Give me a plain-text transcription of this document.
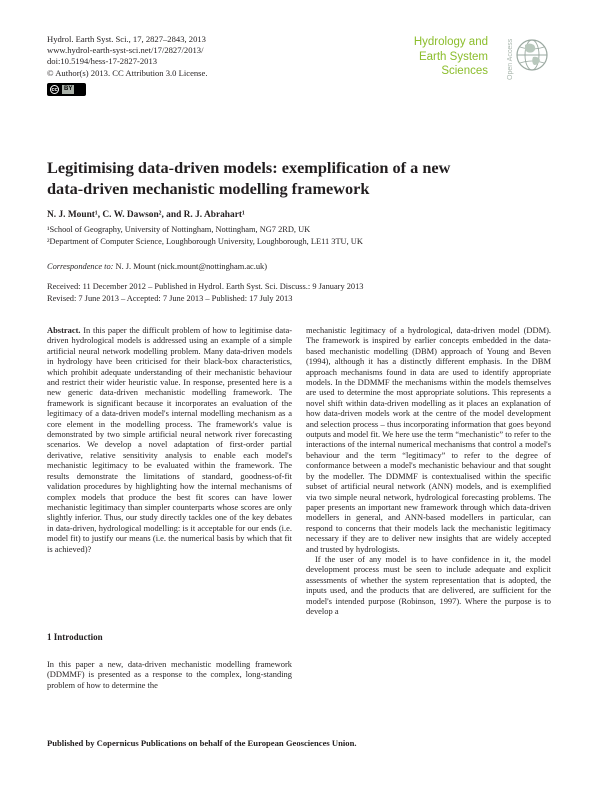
Hydrol. Earth Syst. Sci., 17, 2827–2843, 2013
www.hydrol-earth-syst-sci.net/17/2827/2013/
doi:10.5194/hess-17-2827-2013
© Author(s) 2013. CC Attribution 3.0 License.
cc	BY
Hydrology and
Earth System
Sciences	Open Access
Legitimising data-driven models: exemplification of a new
data-driven mechanistic modelling framework
N. J. Mount¹, C. W. Dawson², and R. J. Abrahart¹
¹School of Geography, University of Nottingham, Nottingham, NG7 2RD, UK
²Department of Computer Science, Loughborough University, Loughborough, LE11 3TU, UK
Correspondence to: N. J. Mount (nick.mount@nottingham.ac.uk)
Received: 11 December 2012 – Published in Hydrol. Earth Syst. Sci. Discuss.: 9 January 2013
Revised: 7 June 2013 – Accepted: 7 June 2013 – Published: 17 July 2013

Abstract. In this paper the difficult problem of how to legitimise data-driven hydrological models is addressed using an example of a simple artificial neural network modelling problem. Many data-driven models in hydrology have been criticised for their black-box characteristics, which prohibit adequate understanding of their mechanistic behaviour and restrict their wider heuristic value. In response, presented here is a new generic data-driven mechanistic modelling framework. The framework is significant because it incorporates an evaluation of the legitimacy of a data-driven model's internal modelling mechanism as a core element in the modelling process. The framework's value is demonstrated by two simple artificial neural network river forecasting scenarios. We develop a novel adaptation of first-order partial derivative, relative sensitivity analysis to enable each model's mechanistic legitimacy to be evaluated within the framework. The results demonstrate the limitations of standard, goodness-of-fit validation procedures by highlighting how the internal mechanisms of complex models that produce the best fit scores can have lower mechanistic legitimacy than simpler counterparts whose scores are only slightly inferior. Thus, our study directly tackles one of the key debates in data-driven, hydrological modelling: is it acceptable for our ends (i.e. model fit) to justify our means (i.e. the numerical basis by which that fit is achieved)?

1 Introduction

In this paper a new, data-driven mechanistic modelling framework (DDMMF) is presented as a response to the complex, long-standing problem of how to determine the

mechanistic legitimacy of a hydrological, data-driven model (DDM). The framework is inspired by earlier concepts embedded in the data-based mechanistic modelling (DBM) approach of Young and Beven (1994), although it has a distinctly different emphasis. In the DBM approach mechanisms found in data are used to identify appropriate models. In the DDMMF the mechanisms within the models themselves are used to determine the most appropriate solutions. This represents a novel shift within data-driven modelling as it places an explanation of how data-driven models work at the centre of the model development and selection process – thus incorporating information that goes beyond outputs and model fit. We here use the term “mechanistic” to refer to the interactions of the internal numerical mechanisms that control a model's behaviour and the term “legitimacy” to refer to the degree of conformance between a model's mechanistic behaviour and that sought by the modeller. The DDMMF is contextualised within the specific subset of artificial neural network (ANN) models, and is exemplified via two simple neural network, hydrological forecasting problems. The paper presents an important new framework through which data-driven modellers in general, and ANN-based modellers in particular, can respond to concerns that their models lack the mechanistic legitimacy necessary if they are to deliver new insights that are widely accepted and trusted by hydrologists.

If the user of any model is to have confidence in it, the model development process must be seen to include adequate and explicit assessments of whether the system representation that is adopted, the inputs used, and the products that are delivered, are sufficient for the model's intended purpose (Robinson, 1997). Where the purpose is to develop a

Published by Copernicus Publications on behalf of the European Geosciences Union.
